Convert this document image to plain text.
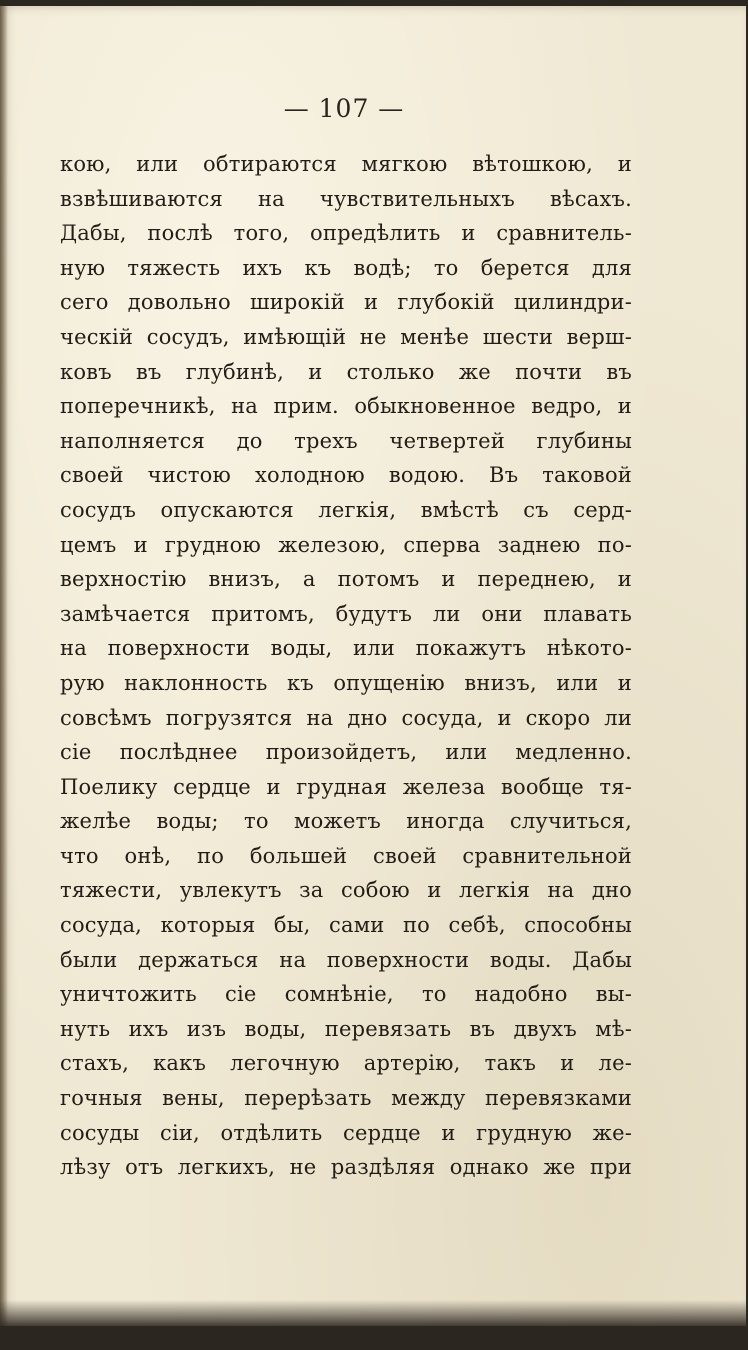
— 107 —
кою, или обтираются мягкою вѣтошкою, и
взвѣшиваются на чувствительныхъ вѣсахъ.
Дабы, послѣ того, опредѣлить и сравнитель-
ную тяжесть ихъ къ водѣ; то берется для
сего довольно широкій и глубокій цилиндри-
ческій сосудъ, имѣющій не менѣе шести верш-
ковъ въ глубинѣ, и столько же почти въ
поперечникѣ, на прим. обыкновенное ведро, и
наполняется до трехъ четвертей глубины
своей чистою холодною водою. Въ таковой
сосудъ опускаются легкія, вмѣстѣ съ серд-
цемъ и грудною железою, сперва заднею по-
верхностію внизъ, а потомъ и переднею, и
замѣчается притомъ, будутъ ли они плавать
на поверхности воды, или покажутъ нѣкото-
рую наклонность къ опущенію внизъ, или и
совсѣмъ погрузятся на дно сосуда, и скоро ли
сіе послѣднее произойдетъ, или медленно.
Поелику сердце и грудная железа вообще тя-
желѣе воды; то можетъ иногда случиться,
что онѣ, по большей своей сравнительной
тяжести, увлекутъ за собою и легкія на дно
сосуда, которыя бы, сами по себѣ, способны
были держаться на поверхности воды. Дабы
уничтожить сіе сомнѣніе, то надобно вы-
нуть ихъ изъ воды, перевязать въ двухъ мѣ-
стахъ, какъ легочную артерію, такъ и ле-
гочныя вены, перерѣзать между перевязками
сосуды сіи, отдѣлить сердце и грудную же-
лѣзу отъ легкихъ, не раздѣляя однако же при
